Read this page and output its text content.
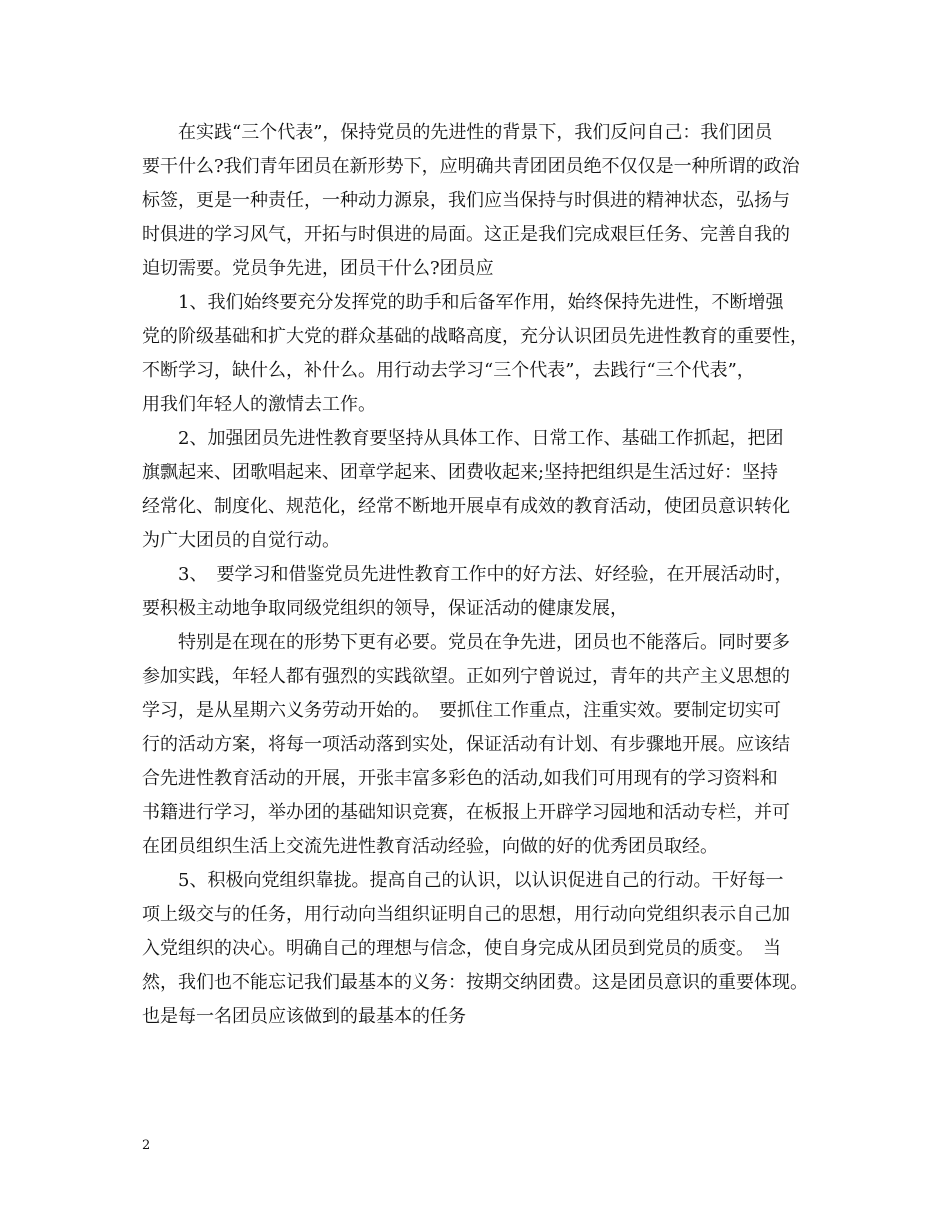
在实践“三个代表”，保持党员的先进性的背景下，我们反问自己：我们团员
要干什么?我们青年团员在新形势下，应明确共青团团员绝不仅仅是一种所谓的政治
标签，更是一种责任，一种动力源泉，我们应当保持与时俱进的精神状态，弘扬与
时俱进的学习风气，开拓与时俱进的局面。这正是我们完成艰巨任务、完善自我的
迫切需要。党员争先进，团员干什么?团员应
1、我们始终要充分发挥党的助手和后备军作用，始终保持先进性，不断增强
党的阶级基础和扩大党的群众基础的战略高度，充分认识团员先进性教育的重要性，
不断学习，缺什么，补什么。用行动去学习“三个代表”，去践行“三个代表”，
用我们年轻人的激情去工作。
2、加强团员先进性教育要坚持从具体工作、日常工作、基础工作抓起，把团
旗飘起来、团歌唱起来、团章学起来、团费收起来;坚持把组织是生活过好：坚持
经常化、制度化、规范化，经常不断地开展卓有成效的教育活动，使团员意识转化
为广大团员的自觉行动。
3、　要学习和借鉴党员先进性教育工作中的好方法、好经验，在开展活动时，
要积极主动地争取同级党组织的领导，保证活动的健康发展，
特别是在现在的形势下更有必要。党员在争先进，团员也不能落后。同时要多
参加实践，年轻人都有强烈的实践欲望。正如列宁曾说过，青年的共产主义思想的
学习，是从星期六义务劳动开始的。　要抓住工作重点，注重实效。要制定切实可
行的活动方案，将每一项活动落到实处，保证活动有计划、有步骤地开展。应该结
合先进性教育活动的开展，开张丰富多彩色的活动,如我们可用现有的学习资料和
书籍进行学习，举办团的基础知识竞赛，在板报上开辟学习园地和活动专栏，并可
在团员组织生活上交流先进性教育活动经验，向做的好的优秀团员取经。
5、积极向党组织靠拢。提高自己的认识，以认识促进自己的行动。干好每一
项上级交与的任务，用行动向当组织证明自己的思想，用行动向党组织表示自己加
入党组织的决心。明确自己的理想与信念，使自身完成从团员到党员的质变。　当
然，我们也不能忘记我们最基本的义务：按期交纳团费。这是团员意识的重要体现。
也是每一名团员应该做到的最基本的任务
2
